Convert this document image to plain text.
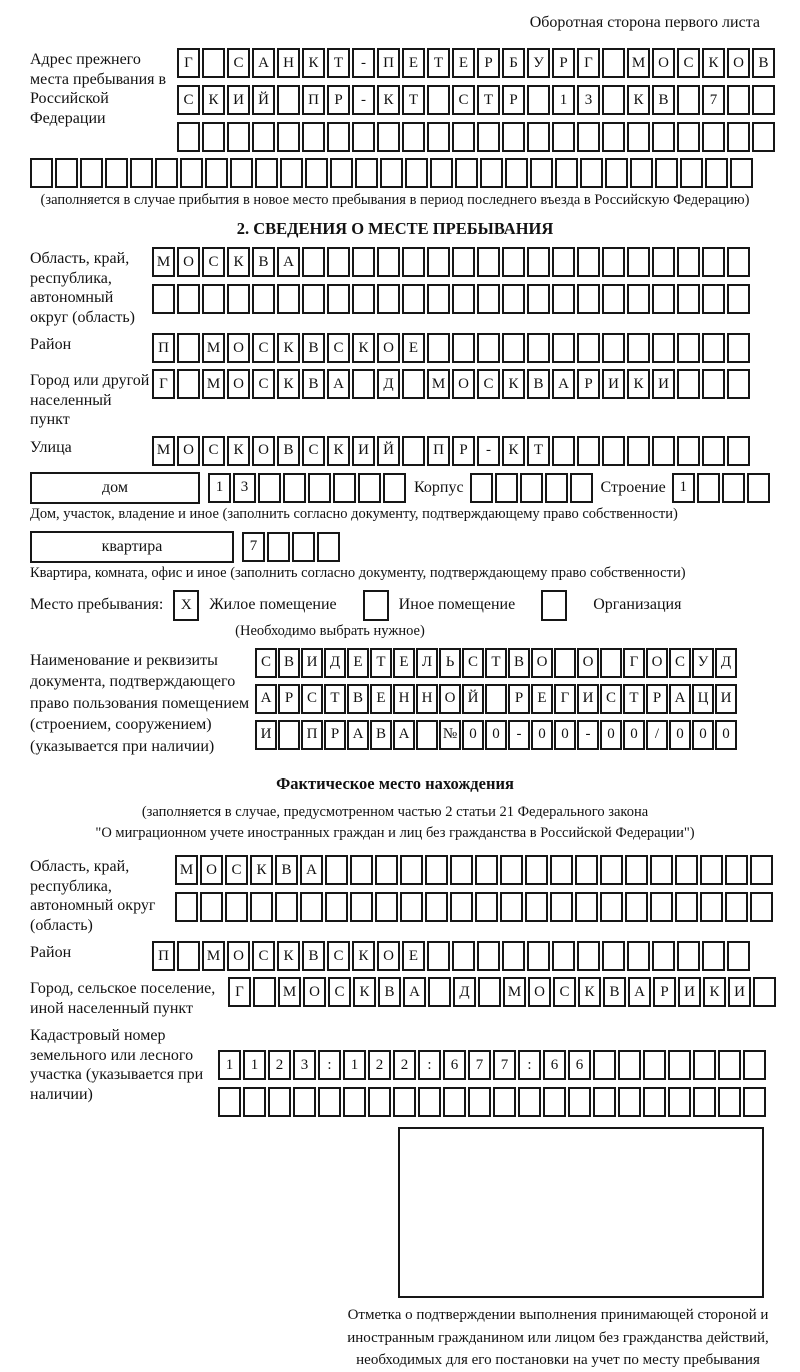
Оборотная сторона первого листа
Адрес прежнего места пребывания в Российской Федерации
Г	С А Н К	Т	-	П Е	Т	Е	Р	Б	У	Р	Г	М О С К О В
С К И Й	П	Р	-	К	Т	С	Т	Р	1	3	К В	7
(заполняется в случае прибытия в новое место пребывания в период последнего въезда в Российскую Федерацию)
2. СВЕДЕНИЯ О МЕСТЕ ПРЕБЫВАНИЯ
Область, край, республика, автономный округ (область)
М О С К В А
Район	П	М О С К В С К О Е
Город или другой населенный пункт
Г	М О С К В А	Д	М О С К В А	Р	И К И
Улица	М О С К О В С К И Й	П	Р	-	К	Т
дом	1	3	Корпус	Строение 1
Дом, участок, владение и иное (заполнить согласно документу, подтверждающему право собственности)
квартира	7
Квартира, комната, офис и иное (заполнить согласно документу, подтверждающему право собственности)
Место пребывания:	X	Жилое помещение	Иное помещение	Организация
(Необходимо выбрать нужное)
Наименование и реквизиты документа, подтверждающего право пользования помещением (строением, сооружением) (указывается при наличии)
С В И Д Е Т Е Л Ь С Т В О	О	Г О С У Д
А Р С Т В Е Н Н О Й	Р Е Г И С Т Р А Ц И
И	П Р А В А	№ 0	0	-	0	0	-	0	0	/	0	0	0
Фактическое место нахождения
(заполняется в случае, предусмотренном частью 2 статьи 21 Федерального закона
"О миграционном учете иностранных граждан и лиц без гражданства в Российской Федерации")
Область, край, республика, автономный округ (область)
М О С К В А
Район	П	М О С К В С К О Е
Город, сельское поселение, иной населенный пункт
Г	М О С К В А	Д	М О С К В А	Р	И К И
Кадастровый номер земельного или лесного участка (указывается при наличии)
1	1	2	3	:	1	2	2	:	6	7	7	:	6	6
Отметка о подтверждении выполнения принимающей стороной и иностранным гражданином или лицом без гражданства действий, необходимых для его постановки на учет по месту пребывания
